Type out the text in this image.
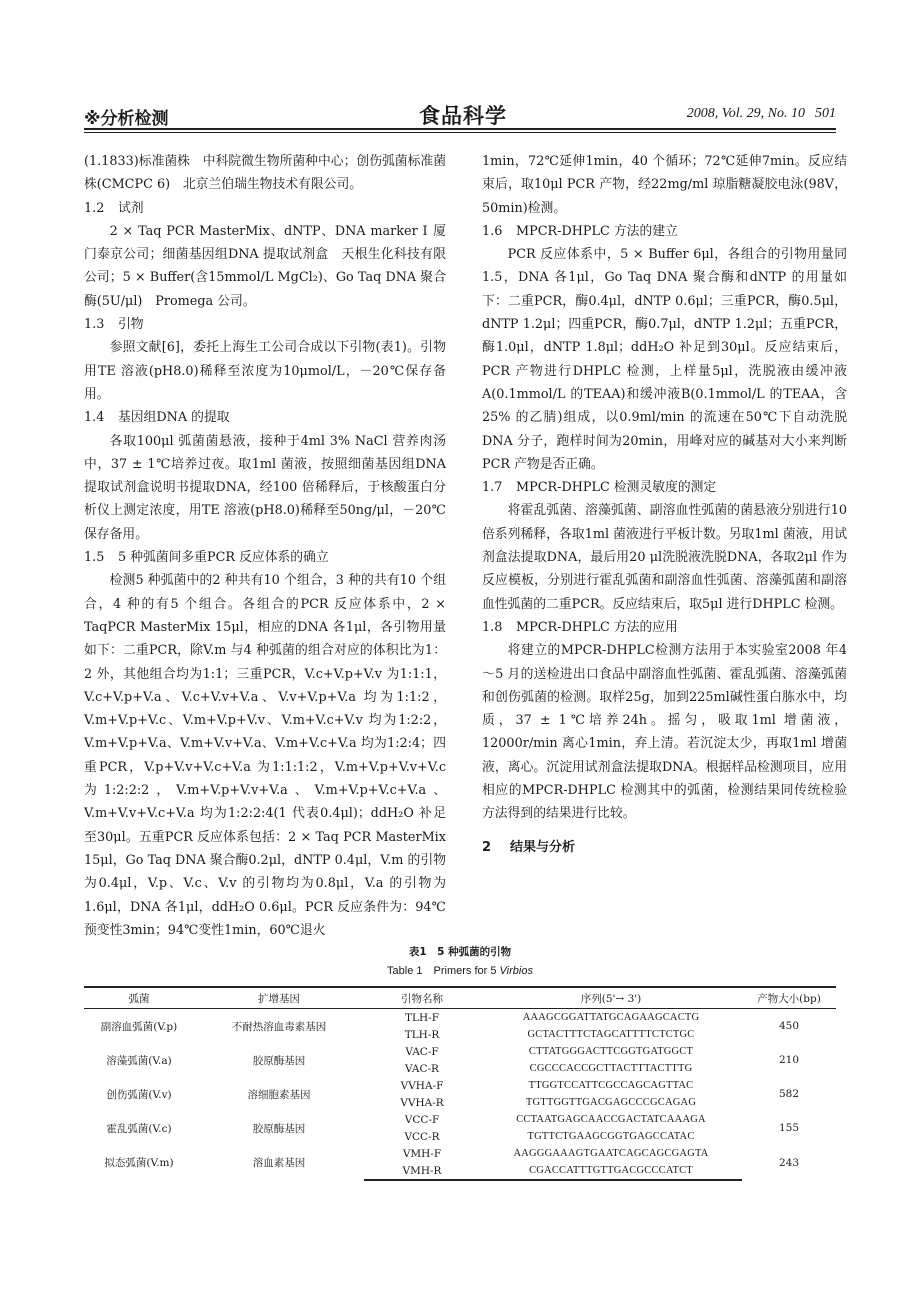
※分析检测	食品科学	2008, Vol. 29, No. 10 501

(1.1833)标准菌株　中科院微生物所菌种中心；创伤弧菌标准菌株(CMCPC 6)　北京兰伯瑞生物技术有限公司。

1.2 试剂

2 × Taq PCR MasterMix、dNTP、DNA marker Ⅰ 厦门泰京公司；细菌基因组DNA 提取试剂盒　天根生化科技有限公司；5 × Buffer(含15mmol/L MgCl₂)、Go Taq DNA 聚合酶(5U/μl)　Promega 公司。

1.3 引物

参照文献[6]，委托上海生工公司合成以下引物(表1)。引物用TE 溶液(pH8.0)稀释至浓度为10μmol/L，－20℃保存备用。

1.4 基因组DNA 的提取

各取100μl 弧菌菌悬液，接种于4ml 3% NaCl 营养肉汤中，37 ± 1℃培养过夜。取1ml 菌液，按照细菌基因组DNA 提取试剂盒说明书提取DNA，经100 倍稀释后，于核酸蛋白分析仪上测定浓度，用TE 溶液(pH8.0)稀释至50ng/μl，－20℃保存备用。

1.5 5 种弧菌间多重PCR 反应体系的确立

检测5 种弧菌中的2 种共有10 个组合，3 种的共有10 个组合，4 种的有5 个组合。各组合的PCR 反应体系中，2 × TaqPCR MasterMix 15μl，相应的DNA 各1μl，各引物用量如下：二重PCR，除V.m 与4 种弧菌的组合对应的体积比为1：2 外，其他组合均为1:1；三重PCR，V.c+V.p+V.v 为1:1:1，V.c+V.p+V.a、V.c+V.v+V.a、V.v+V.p+V.a 均为1:1:2，V.m+V.p+V.c、V.m+V.p+V.v、V.m+V.c+V.v 均为1:2:2，V.m+V.p+V.a、V.m+V.v+V.a、V.m+V.c+V.a 均为1:2:4；四重PCR，V.p+V.v+V.c+V.a 为1:1:1:2，V.m+V.p+V.v+V.c 为1:2:2:2，V.m+V.p+V.v+V.a、V.m+V.p+V.c+V.a、V.m+V.v+V.c+V.a 均为1:2:2:4(1 代表0.4μl)；ddH₂O 补足至30μl。五重PCR 反应体系包括：2 × Taq PCR MasterMix 15μl，Go Taq DNA 聚合酶0.2μl，dNTP 0.4μl，V.m 的引物为0.4μl，V.p、V.c、V.v 的引物均为0.8μl，V.a 的引物为1.6μl，DNA 各1μl，ddH₂O 0.6μl。PCR 反应条件为：94℃预变性3min；94℃变性1min，60℃退火

1min，72℃延伸1min，40 个循环；72℃延伸7min。反应结束后，取10μl PCR 产物，经22mg/ml 琼脂糖凝胶电泳(98V，50min)检测。

1.6 MPCR-DHPLC 方法的建立

PCR 反应体系中，5 × Buffer 6μl，各组合的引物用量同1.5，DNA 各1μl，Go Taq DNA 聚合酶和dNTP 的用量如下：二重PCR，酶0.4μl，dNTP 0.6μl；三重PCR，酶0.5μl，dNTP 1.2μl；四重PCR，酶0.7μl，dNTP 1.2μl；五重PCR，酶1.0μl，dNTP 1.8μl；ddH₂O 补足到30μl。反应结束后，PCR 产物进行DHPLC 检测，上样量5μl，洗脱液由缓冲液A(0.1mmol/L 的TEAA)和缓冲液B(0.1mmol/L 的TEAA，含25% 的乙腈)组成，以0.9ml/min 的流速在50℃下自动洗脱DNA 分子，跑样时间为20min，用峰对应的碱基对大小来判断PCR 产物是否正确。

1.7 MPCR-DHPLC 检测灵敏度的测定

将霍乱弧菌、溶藻弧菌、副溶血性弧菌的菌悬液分别进行10 倍系列稀释，各取1ml 菌液进行平板计数。另取1ml 菌液，用试剂盒法提取DNA，最后用20 μl洗脱液洗脱DNA，各取2μl 作为反应模板，分别进行霍乱弧菌和副溶血性弧菌、溶藻弧菌和副溶血性弧菌的二重PCR。反应结束后，取5μl 进行DHPLC 检测。

1.8 MPCR-DHPLC 方法的应用

将建立的MPCR-DHPLC检测方法用于本实验室2008 年4～5 月的送检进出口食品中副溶血性弧菌、霍乱弧菌、溶藻弧菌和创伤弧菌的检测。取样25g，加到225ml碱性蛋白胨水中，均质，37 ± 1℃培养24h。摇匀，吸取1ml 增菌液，12000r/min 离心1min，弃上清。若沉淀太少，再取1ml 增菌液，离心。沉淀用试剂盒法提取DNA。根据样品检测项目，应用相应的MPCR-DHPLC 检测其中的弧菌，检测结果同传统检验方法得到的结果进行比较。

2 结果与分析

表1　5 种弧菌的引物
Table 1　Primers for 5 Virbios
弧菌	扩增基因	引物名称	序列(5'→ 3')	产物大小(bp)
副溶血弧菌(V.p)	不耐热溶血毒素基因	TLH-F	AAAGCGGATTATGCAGAAGCACTG	450
		TLH-R	GCTACTTTCTAGCATTTTCTCTGC	
溶藻弧菌(V.a)	胶原酶基因	VAC-F	CTTATGGGACTTCGGTGATGGCT	210
		VAC-R	CGCCCACCGCTTACTTTACTTTG	
创伤弧菌(V.v)	溶细胞素基因	VVHA-F	TTGGTCCATTCGCCAGCAGTTAC	582
		VVHA-R	TGTTGGTTGACGAGCCCGCAGAG	
霍乱弧菌(V.c)	胶原酶基因	VCC-F	CCTAATGAGCAACCGACTATCAAAGA	155
		VCC-R	TGTTCTGAAGCGGTGAGCCATAC	
拟态弧菌(V.m)	溶血素基因	VMH-F	AAGGGAAAGTGAATCAGCAGCGAGTA	243
		VMH-R	CGACCATTTGTTGACGCCCATCT	
